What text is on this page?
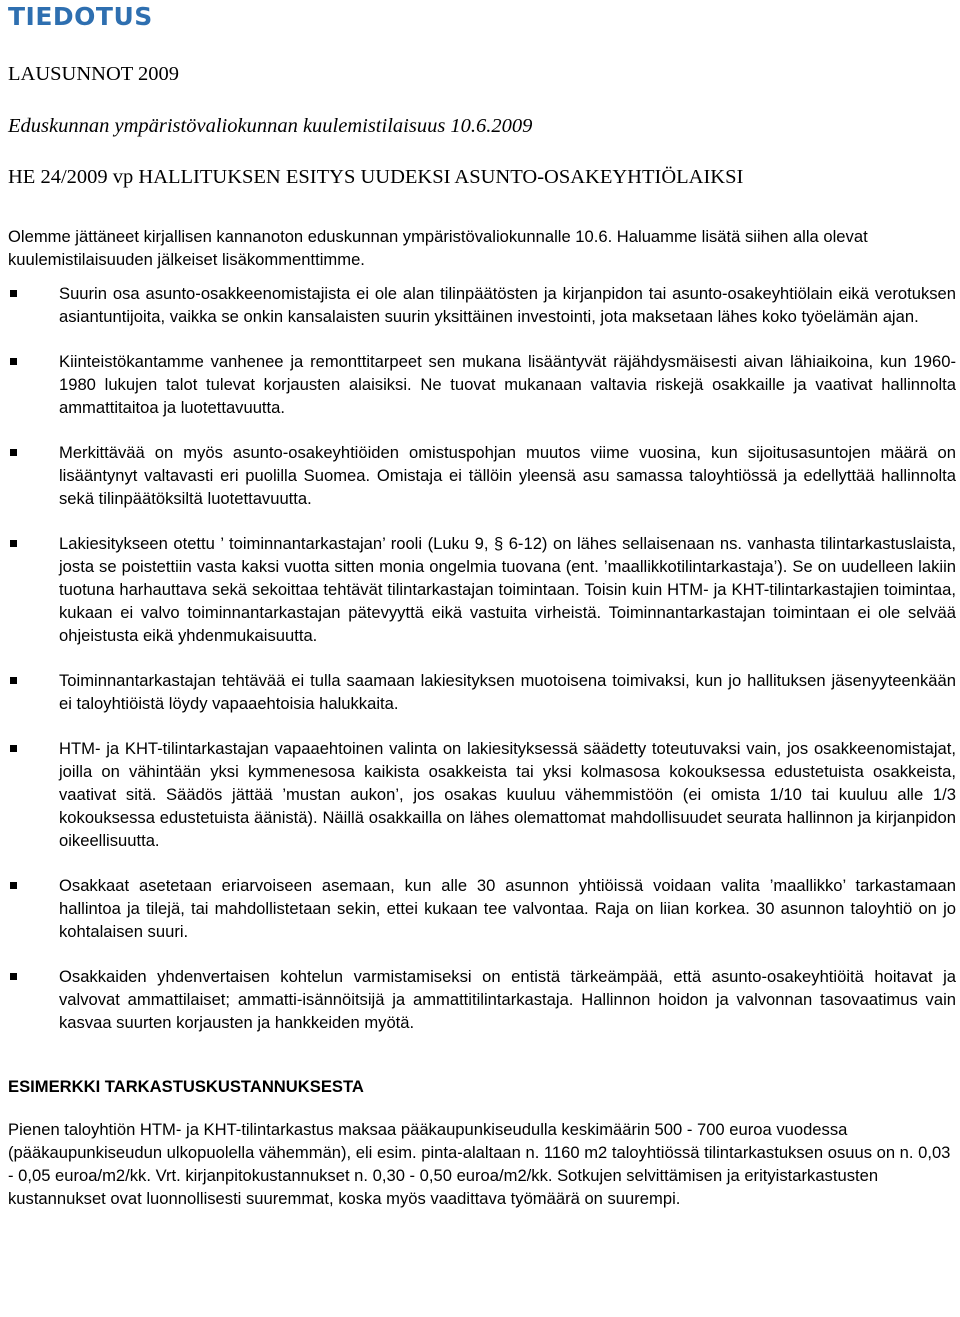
TIEDOTUS

LAUSUNNOT 2009

Eduskunnan ympäristövaliokunnan kuulemistilaisuus 10.6.2009

HE 24/2009 vp HALLITUKSEN ESITYS UUDEKSI ASUNTO-OSAKEYHTIÖLAIKSI

Olemme jättäneet kirjallisen kannanoton eduskunnan ympäristövaliokunnalle 10.6. Haluamme lisätä siihen alla olevat kuulemistilaisuuden jälkeiset lisäkommenttimme.

Suurin osa asunto-osakkeenomistajista ei ole alan tilinpäätösten ja kirjanpidon tai asunto-osakeyhtiölain eikä verotuksen asiantuntijoita, vaikka se onkin kansalaisten suurin yksittäinen investointi, jota maksetaan lähes koko työelämän ajan.
Kiinteistökantamme vanhenee ja remonttitarpeet sen mukana lisääntyvät räjähdysmäisesti aivan lähiaikoina, kun 1960-1980 lukujen talot tulevat korjausten alaisiksi. Ne tuovat mukanaan valtavia riskejä osakkaille ja vaativat hallinnolta ammattitaitoa ja luotettavuutta.
Merkittävää on myös asunto-osakeyhtiöiden omistuspohjan muutos viime vuosina, kun sijoitusasuntojen määrä on lisääntynyt valtavasti eri puolilla Suomea. Omistaja ei tällöin yleensä asu samassa taloyhtiössä ja edellyttää hallinnolta sekä tilinpäätöksiltä luotettavuutta.
Lakiesitykseen otettu ’ toiminnantarkastajan’ rooli (Luku 9, § 6-12) on lähes sellaisenaan ns. vanhasta tilintarkastuslaista, josta se poistettiin vasta kaksi vuotta sitten monia ongelmia tuovana (ent. ’maallikkotilintarkastaja’). Se on uudelleen lakiin tuotuna harhauttava sekä sekoittaa tehtävät tilintarkastajan toimintaan. Toisin kuin HTM- ja KHT-tilintarkastajien toimintaa, kukaan ei valvo toiminnantarkastajan pätevyyttä eikä vastuita virheistä. Toiminnantarkastajan toimintaan ei ole selvää ohjeistusta eikä yhdenmukaisuutta.
Toiminnantarkastajan tehtävää ei tulla saamaan lakiesityksen muotoisena toimivaksi, kun jo hallituksen jäsenyyteenkään ei taloyhtiöistä löydy vapaaehtoisia halukkaita.
HTM- ja KHT-tilintarkastajan vapaaehtoinen valinta on lakiesityksessä säädetty toteutuvaksi vain, jos osakkeenomistajat, joilla on vähintään yksi kymmenesosa kaikista osakkeista tai yksi kolmasosa kokouksessa edustetuista osakkeista, vaativat sitä. Säädös jättää ’mustan aukon’, jos osakas kuuluu vähemmistöön (ei omista 1/10 tai kuuluu alle 1/3 kokouksessa edustetuista äänistä). Näillä osakkailla on lähes olemattomat mahdollisuudet seurata hallinnon ja kirjanpidon oikeellisuutta.
Osakkaat asetetaan eriarvoiseen asemaan, kun alle 30 asunnon yhtiöissä voidaan valita ’maallikko’ tarkastamaan hallintoa ja tilejä, tai mahdollistetaan sekin, ettei kukaan tee valvontaa. Raja on liian korkea. 30 asunnon taloyhtiö on jo kohtalaisen suuri.
Osakkaiden yhdenvertaisen kohtelun varmistamiseksi on entistä tärkeämpää, että asunto-osakeyhtiöitä hoitavat ja valvovat ammattilaiset; ammatti-isännöitsijä ja ammattitilintarkastaja. Hallinnon hoidon ja valvonnan tasovaatimus vain kasvaa suurten korjausten ja hankkeiden myötä.
ESIMERKKI TARKASTUSKUSTANNUKSESTA

Pienen taloyhtiön HTM- ja KHT-tilintarkastus maksaa pääkaupunkiseudulla keskimäärin 500 - 700 euroa vuodessa (pääkaupunkiseudun ulkopuolella vähemmän), eli esim. pinta-alaltaan n. 1160 m2 taloyhtiössä tilintarkastuksen osuus on n. 0,03 - 0,05 euroa/m2/kk. Vrt. kirjanpitokustannukset n. 0,30 - 0,50 euroa/m2/kk. Sotkujen selvittämisen ja erityistarkastusten kustannukset ovat luonnollisesti suuremmat, koska myös vaadittava työmäärä on suurempi.
